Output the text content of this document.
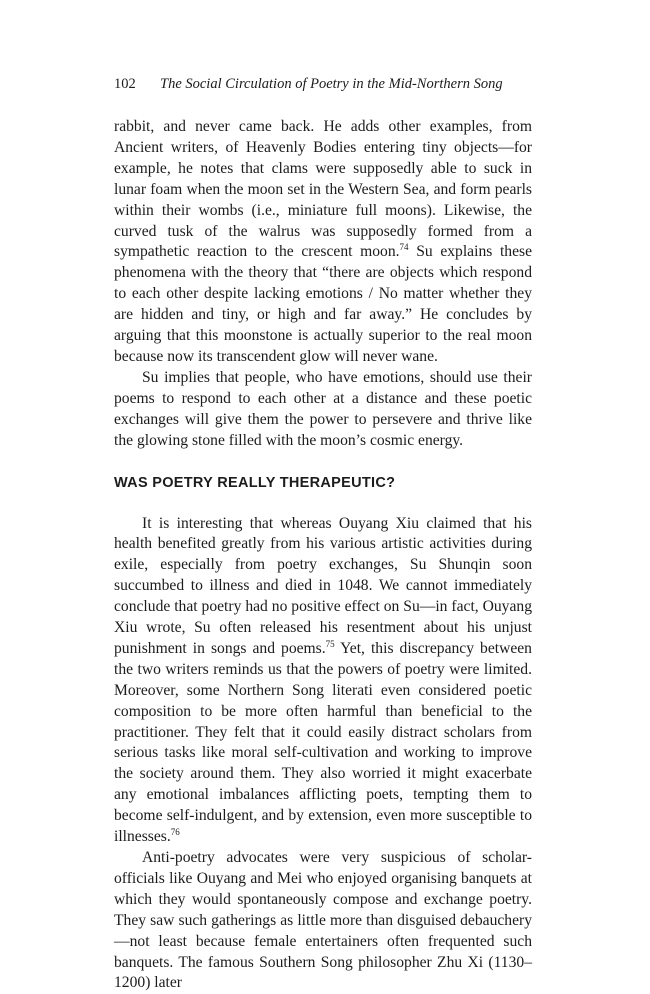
102 The Social Circulation of Poetry in the Mid-Northern Song

rabbit, and never came back. He adds other examples, from Ancient writers, of Heavenly Bodies entering tiny objects—for example, he notes that clams were supposedly able to suck in lunar foam when the moon set in the Western Sea, and form pearls within their wombs (i.e., miniature full moons). Likewise, the curved tusk of the walrus was supposedly formed from a sympathetic reaction to the crescent moon.$^{74}$ Su explains these phenomena with the theory that “there are objects which respond to each other despite lacking emotions / No matter whether they are hidden and tiny, or high and far away.” He concludes by arguing that this moonstone is actually superior to the real moon because now its transcendent glow will never wane.

Su implies that people, who have emotions, should use their poems to respond to each other at a distance and these poetic exchanges will give them the power to persevere and thrive like the glowing stone filled with the moon’s cosmic energy.

WAS POETRY REALLY THERAPEUTIC?

It is interesting that whereas Ouyang Xiu claimed that his health benefited greatly from his various artistic activities during exile, especially from poetry exchanges, Su Shunqin soon succumbed to illness and died in 1048. We cannot immediately conclude that poetry had no positive effect on Su—in fact, Ouyang Xiu wrote, Su often released his resentment about his unjust punishment in songs and poems.$^{75}$ Yet, this discrepancy between the two writers reminds us that the powers of poetry were limited. Moreover, some Northern Song literati even considered poetic composition to be more often harmful than beneficial to the practitioner. They felt that it could easily distract scholars from serious tasks like moral self-cultivation and working to improve the society around them. They also worried it might exacerbate any emotional imbalances afflicting poets, tempting them to become self-indulgent, and by extension, even more susceptible to illnesses.$^{76}$

Anti-poetry advocates were very suspicious of scholar-officials like Ouyang and Mei who enjoyed organising banquets at which they would spontaneously compose and exchange poetry. They saw such gatherings as little more than disguised debauchery—not least because female entertainers often frequented such banquets. The famous Southern Song philosopher Zhu Xi (1130–1200) later
